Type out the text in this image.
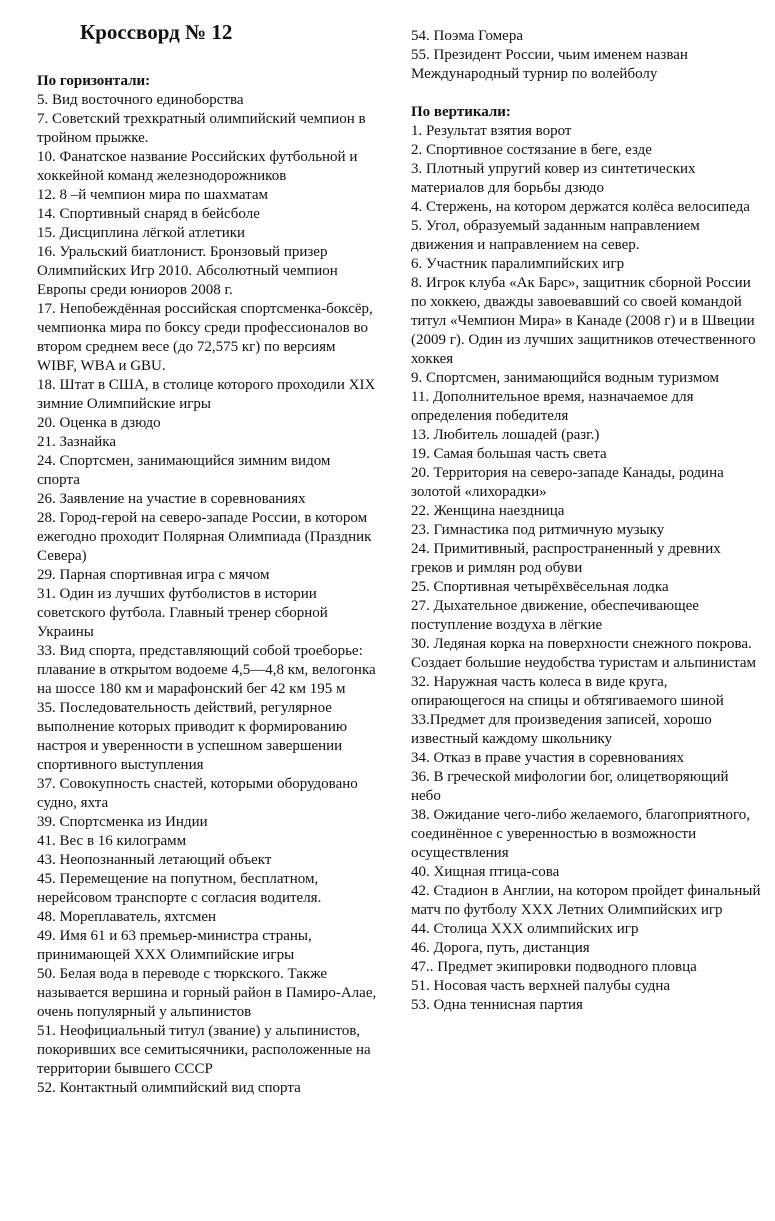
Кроссворд № 12
По горизонтали:
5. Вид восточного единоборства
7. Советский трехкратный олимпийский чемпион в тройном прыжке.
10. Фанатское название Российских футбольной и хоккейной команд железнодорожников
12. 8 –й чемпион мира по шахматам
14. Спортивный снаряд в бейсболе
15. Дисциплина лёгкой атлетики
16. Уральский биатлонист. Бронзовый призер Олимпийских Игр 2010. Абсолютный чемпион Европы среди юниоров 2008 г.
17. Непобеждённая российская спортсменка-боксёр, чемпионка мира по боксу среди профессионалов во втором среднем весе (до 72,575 кг) по версиям WIBF, WBA и GBU.
18. Штат в США, в столице которого проходили XIX зимние Олимпийские игры
20. Оценка в дзюдо
21. Зазнайка
24. Спортсмен, занимающийся зимним видом спорта
26. Заявление на участие в соревнованиях
28. Город-герой на северо-западе России, в котором ежегодно проходит Полярная Олимпиада (Праздник Севера)
29. Парная спортивная игра с мячом
31. Один из лучших футболистов в истории советского футбола. Главный тренер сборной Украины
33. Вид спорта, представляющий собой троеборье: плавание в открытом водоеме 4,5—4,8 км, велогонка на шоссе 180 км и марафонский бег 42 км 195 м
35. Последовательность действий, регулярное выполнение которых приводит к формированию настроя и уверенности в успешном завершении спортивного выступления
37. Совокупность снастей, которыми оборудовано судно, яхта
39. Спортсменка из Индии
41. Вес в 16 килограмм
43. Неопознанный летающий объект
45. Перемещение на попутном, бесплатном, нерейсовом транспорте с согласия водителя.
48. Мореплаватель, яхтсмен
49. Имя 61 и 63 премьер-министра страны, принимающей XXX Олимпийские игры
50. Белая вода в переводе с тюркского. Также называется вершина и горный район в Памиро-Алае, очень популярный у альпинистов
51. Неофициальный титул (звание) у альпинистов, покоривших все семитысячники, расположенные на территории бывшего СССР
52. Контактный олимпийский вид спорта
54. Поэма Гомера
55. Президент России, чьим именем назван Международный турнир по волейболу
По вертикали:
1. Результат взятия ворот
2. Спортивное состязание в беге, езде
3. Плотный упругий ковер из синтетических материалов для борьбы дзюдо
4. Стержень, на котором держатся колёса велосипеда
5. Угол, образуемый заданным направлением движения и направлением на север.
6. Участник паралимпийских игр
8. Игрок клуба «Ак Барс», защитник сборной России по хоккею, дважды завоевавший со своей командой титул «Чемпион Мира» в Канаде (2008 г) и в Швеции (2009 г). Один из лучших защитников отечественного хоккея
9. Спортсмен, занимающийся водным туризмом
11. Дополнительное время, назначаемое для определения победителя
13. Любитель лошадей (разг.)
19. Самая большая часть света
20. Территория на северо-западе Канады, родина золотой «лихорадки»
22. Женщина наездница
23. Гимнастика под ритмичную музыку
24. Примитивный, распространенный у древних греков и римлян род обуви
25. Спортивная четырёхвёсельная лодка
27. Дыхательное движение, обеспечивающее поступление воздуха в лёгкие
30. Ледяная корка на поверхности снежного покрова. Создает большие неудобства туристам и альпинистам
32. Наружная часть колеса в виде круга, опирающегося на спицы и обтягиваемого шиной
33.Предмет для произведения записей, хорошо известный каждому школьнику
34. Отказ в праве участия в соревнованиях
36. В греческой мифологии бог, олицетворяющий небо
38. Ожидание чего-либо желаемого, благоприятного, соединённое с уверенностью в возможности осуществления
40. Хищная птица-сова
42. Стадион в Англии, на котором пройдет финальный матч по футболу XXX Летних Олимпийских игр
44. Столица XXX олимпийских игр
46. Дорога, путь, дистанция
47.. Предмет экипировки подводного пловца
51. Носовая часть верхней палубы судна
53. Одна теннисная партия
